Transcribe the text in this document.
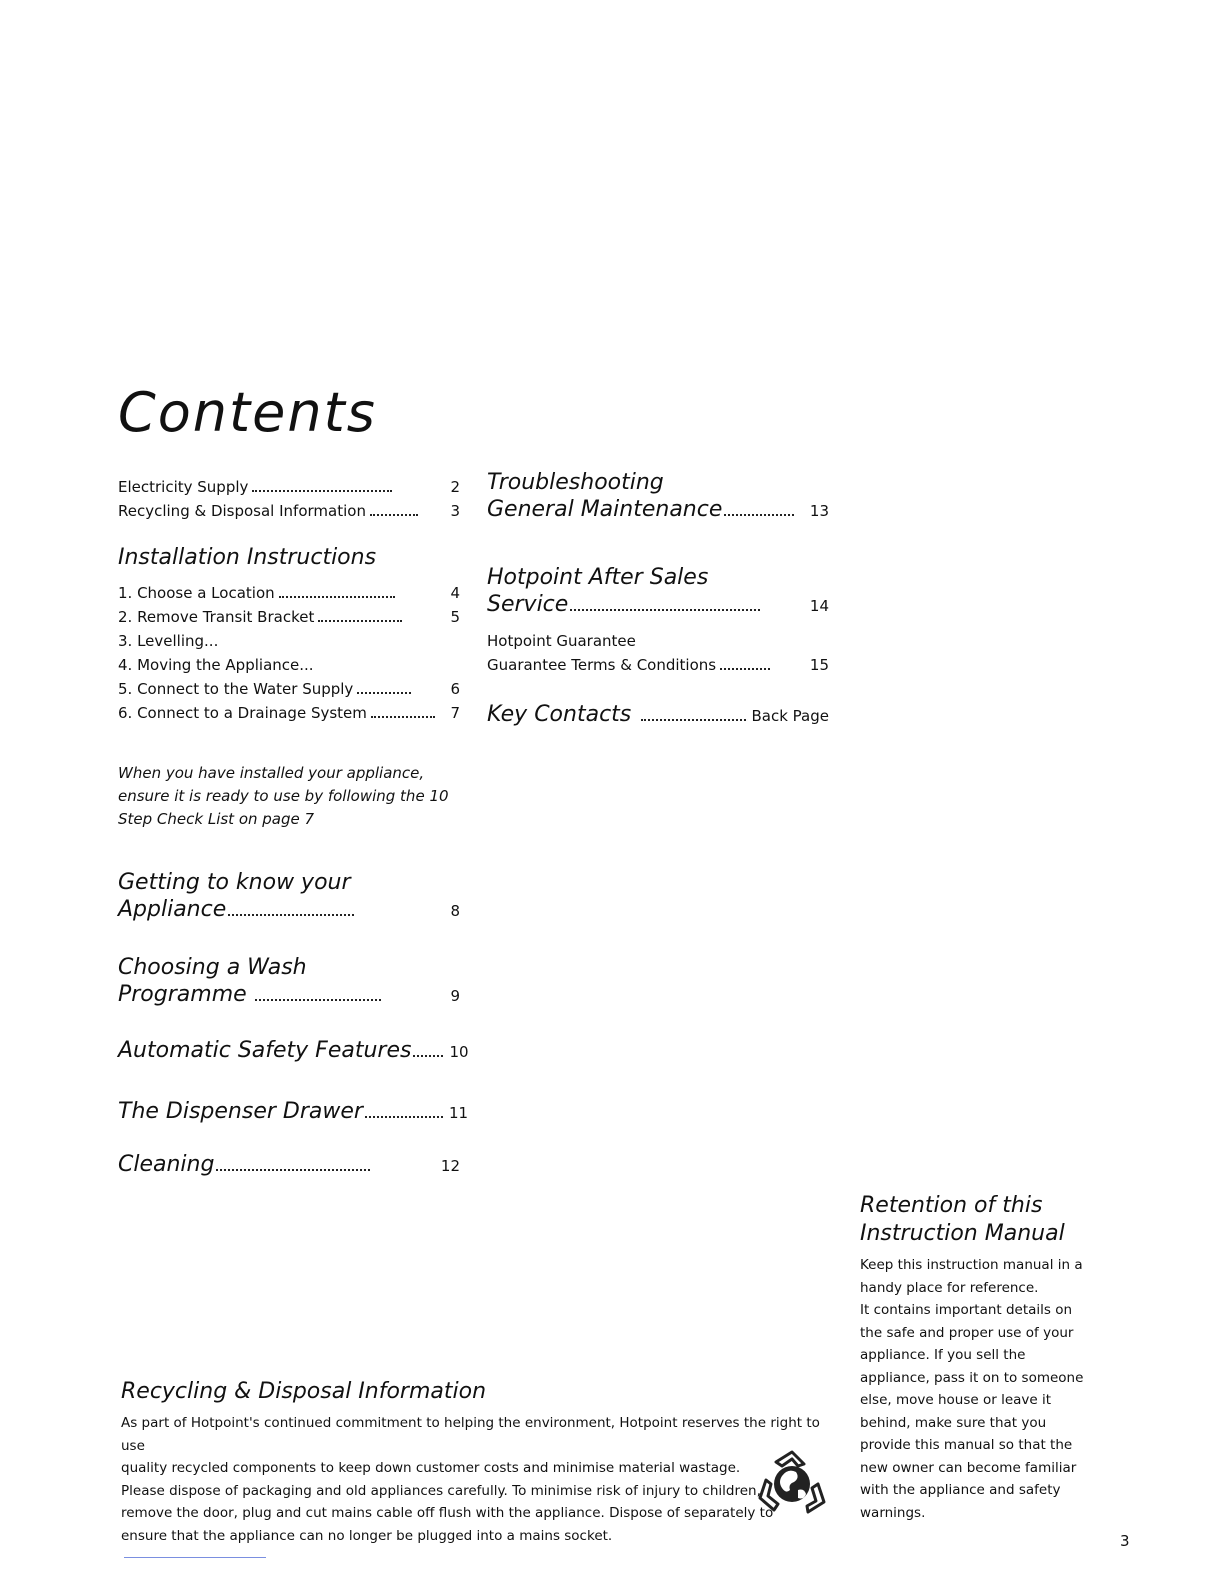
Contents
Electricity Supply	2
Recycling & Disposal Information	3
Installation Instructions
1. Choose a Location	4
2. Remove Transit Bracket	5
3. Levelling...
4. Moving the Appliance...
5. Connect to the Water Supply	6
6. Connect to a Drainage System	7
When you have installed your appliance, ensure it is ready to use by following the 10 Step Check List on page 7
Getting to know your
Appliance	8
Choosing a Wash
Programme	9
Automatic Safety Features	10
The Dispenser Drawer	11
Cleaning	12
Troubleshooting
General Maintenance	13
Hotpoint After Sales
Service	14
Hotpoint Guarantee
Guarantee Terms & Conditions	15
Key Contacts	Back Page
Recycling & Disposal Information
As part of Hotpoint's continued commitment to helping the environment, Hotpoint reserves the right to use
quality recycled components to keep down customer costs and minimise material wastage.
Please dispose of packaging and old appliances carefully. To minimise risk of injury to children,
remove the door, plug and cut mains cable off flush with the appliance. Dispose of separately to
ensure that the appliance can no longer be plugged into a mains socket.
Retention of this
Instruction Manual
Keep this instruction manual in a
handy place for reference.
It contains important details on
the safe and proper use of your
appliance. If you sell the
appliance, pass it on to someone
else, move house or leave it
behind, make sure that you
provide this manual so that the
new owner can become familiar
with the appliance and safety
warnings.
3
